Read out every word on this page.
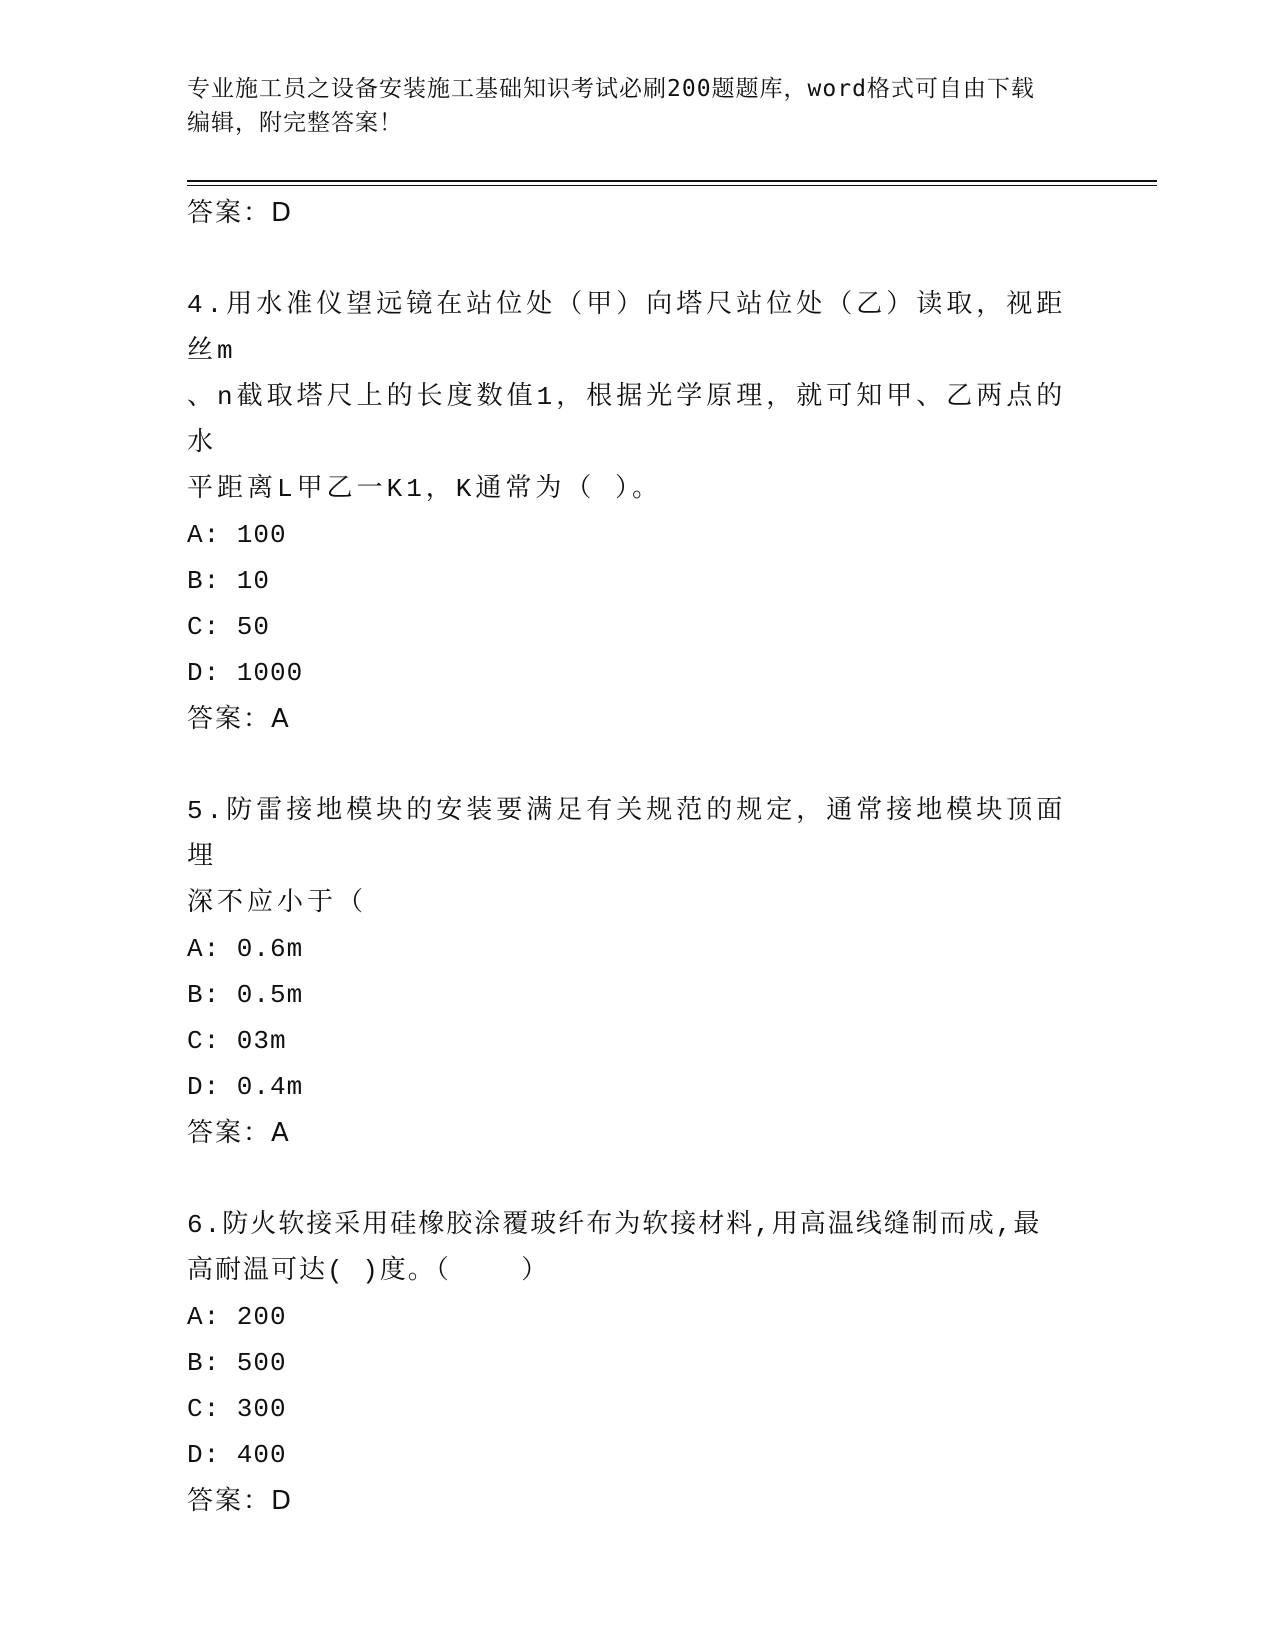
专业施工员之设备安装施工基础知识考试必刷200题题库，word格式可自由下载
编辑，附完整答案！
答案：D
4.用水准仪望远镜在站位处（甲）向塔尺站位处（乙）读取，视距丝m
、n截取塔尺上的长度数值1，根据光学原理，就可知甲、乙两点的水
平距离L甲乙一K1，K通常为（ ）。
A: 100
B: 10
C: 50
D: 1000
答案：A
5.防雷接地模块的安装要满足有关规范的规定，通常接地模块顶面埋
深不应小于（
A: 0.6m
B: 0.5m
C: 03m
D: 0.4m
答案：A
6.防火软接采用硅橡胶涂覆玻纤布为软接材料,用高温线缝制而成,最
高耐温可达( )度。（    ）
A: 200
B: 500
C: 300
D: 400
答案：D
